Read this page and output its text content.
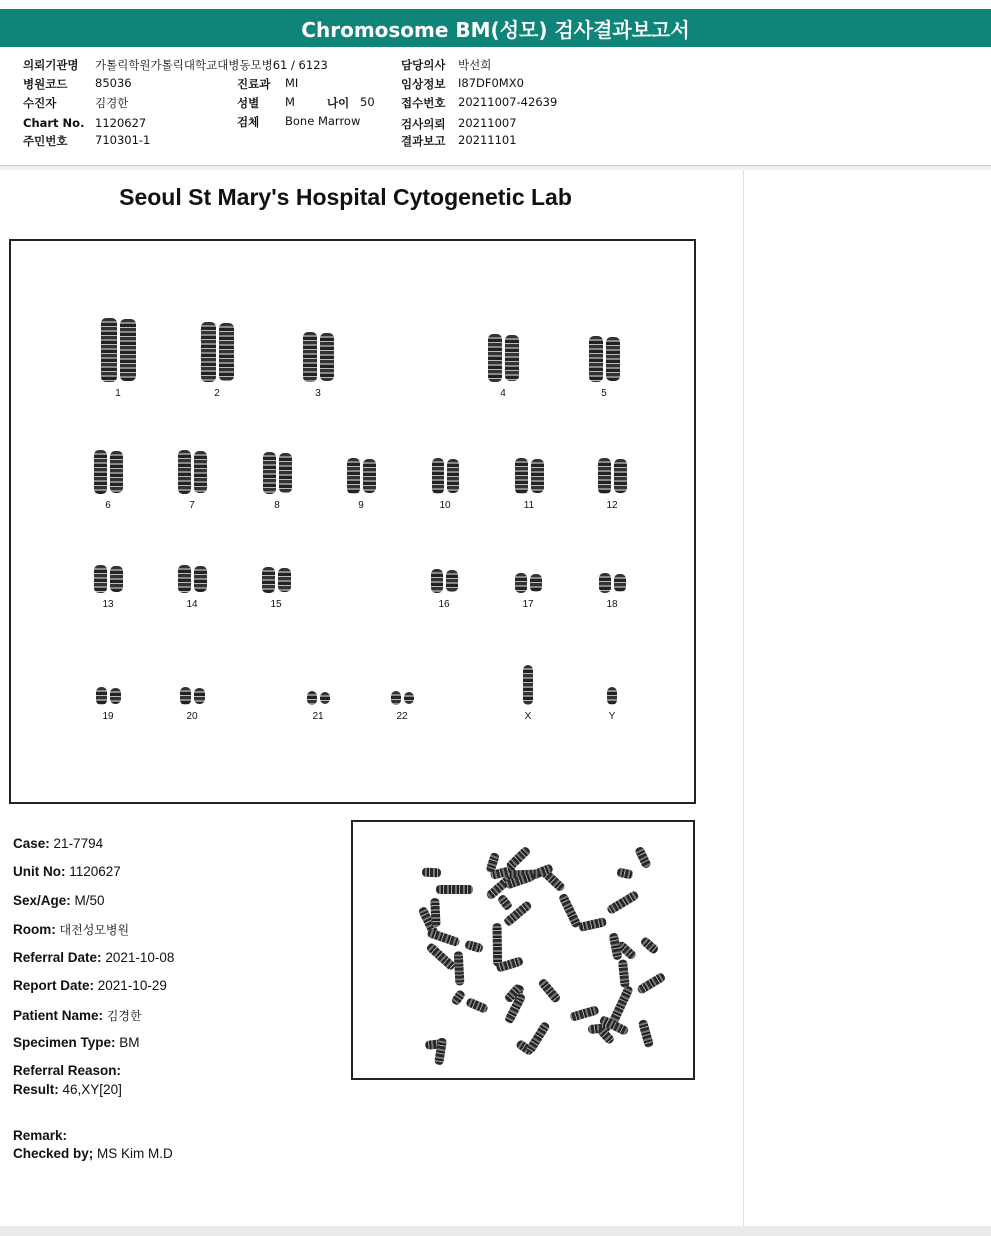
Chromosome BM(성모) 검사결과보고서
의뢰기관명 가톨릭학원가톨릭대학교대병동모병61 / 6123
병원코드 85036
수진자	김경한
Chart No. 1120627
주민번호 710301-1
진료과 MI
성별 M	나이 50
검체 Bone Marrow
담당의사 박선희
임상정보 I87DF0MX0
접수번호 20211007-42639
검사의뢰 20211007
결과보고 20211101
Seoul St Mary's Hospital Cytogenetic Lab
1	2	3	4	5
6	7	8	9	10	11	12
13	14	15	16	17	18
19	20	21	22	X	Y
Case: 21-7794
Unit No: 1120627
Sex/Age: M/50
Room: 대전성모병원
Referral Date: 2021-10-08
Report Date: 2021-10-29
Patient Name: 김경한
Specimen Type: BM
Referral Reason:
Result: 46,XY[20]
Remark:
Checked by; MS Kim M.D
